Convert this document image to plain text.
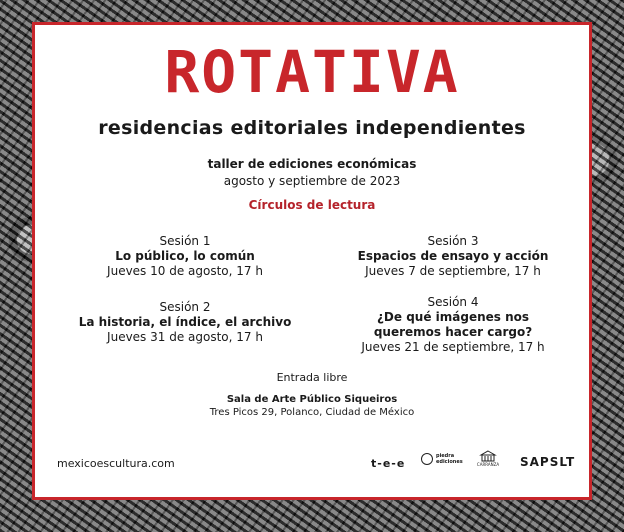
ROTATIVA
residencias editoriales independientes
taller de ediciones económicas
agosto y septiembre de 2023
Círculos de lectura
Sesión 1
Lo público, lo común
Jueves 10 de agosto, 17 h
Sesión 3
Espacios de ensayo y acción
Jueves 7 de septiembre, 17 h
Sesión 2
La historia, el índice, el archivo
Jueves 31 de agosto, 17 h
Sesión 4
¿De qué imágenes nos
queremos hacer cargo?
Jueves 21 de septiembre, 17 h
Entrada libre
Sala de Arte Público Siqueiros
Tres Picos 29, Polanco, Ciudad de México
mexicoescultura.com	t-e-e
piedra
ediciones	CARRANZA SAPSLT
